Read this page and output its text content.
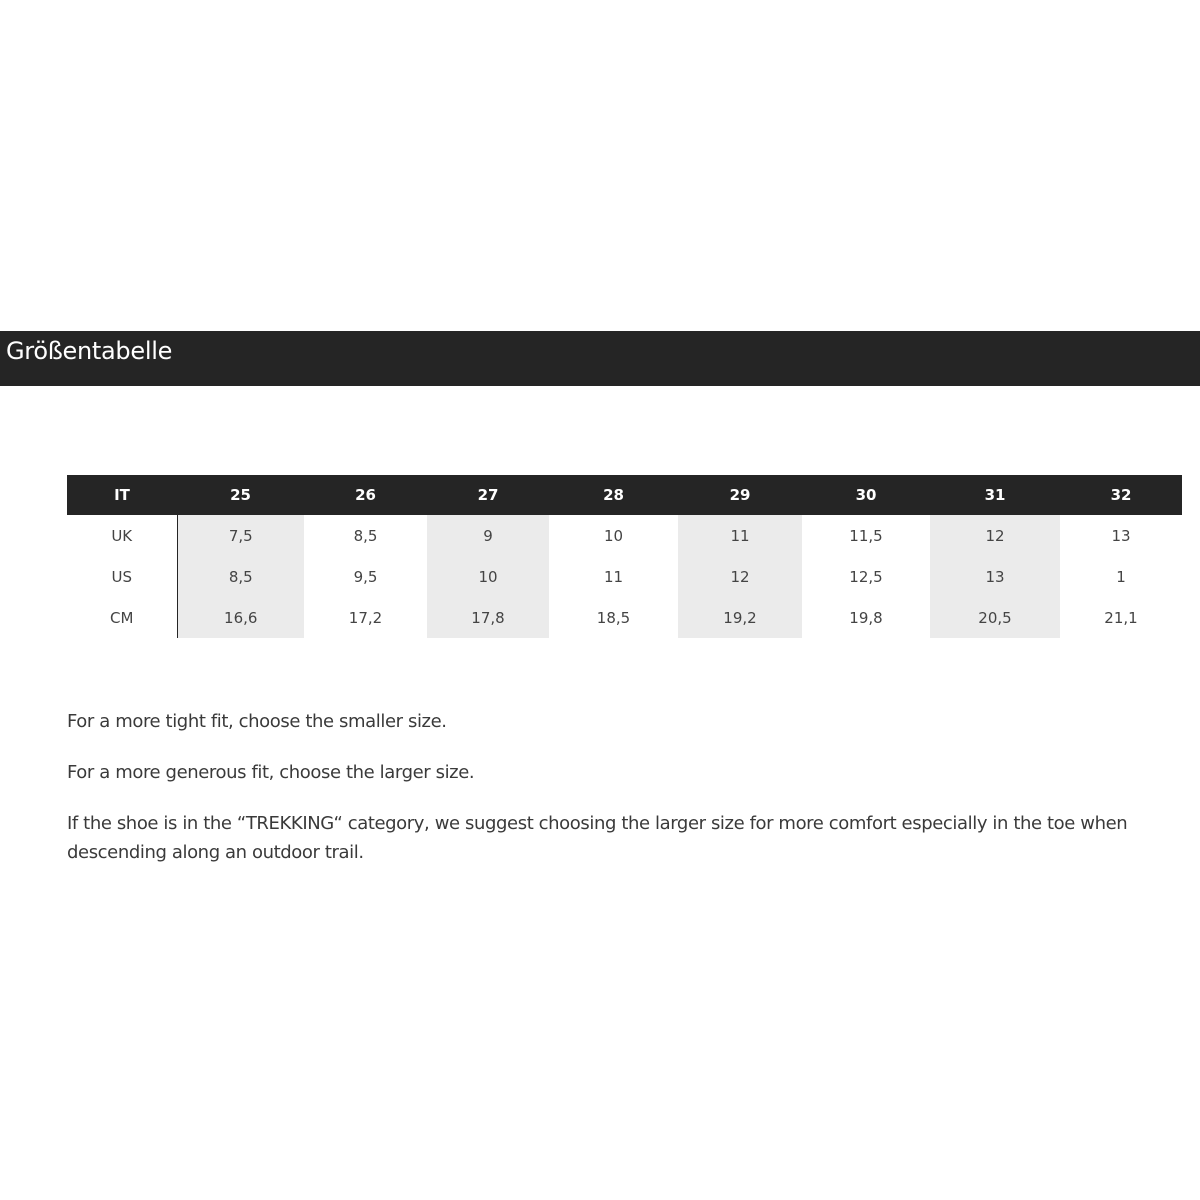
Größentabelle
IT	25	26	27	28	29	30	31	32
UK	7,5	8,5	9	10	11	11,5	12	13
US	8,5	9,5	10	11	12	12,5	13	1
CM	16,6	17,2	17,8	18,5	19,2	19,8	20,5	21,1

For a more tight fit, choose the smaller size.

For a more generous fit, choose the larger size.

If the shoe is in the “TREKKING“ category, we suggest choosing the larger size for more comfort especially in the toe when descending along an outdoor trail.
